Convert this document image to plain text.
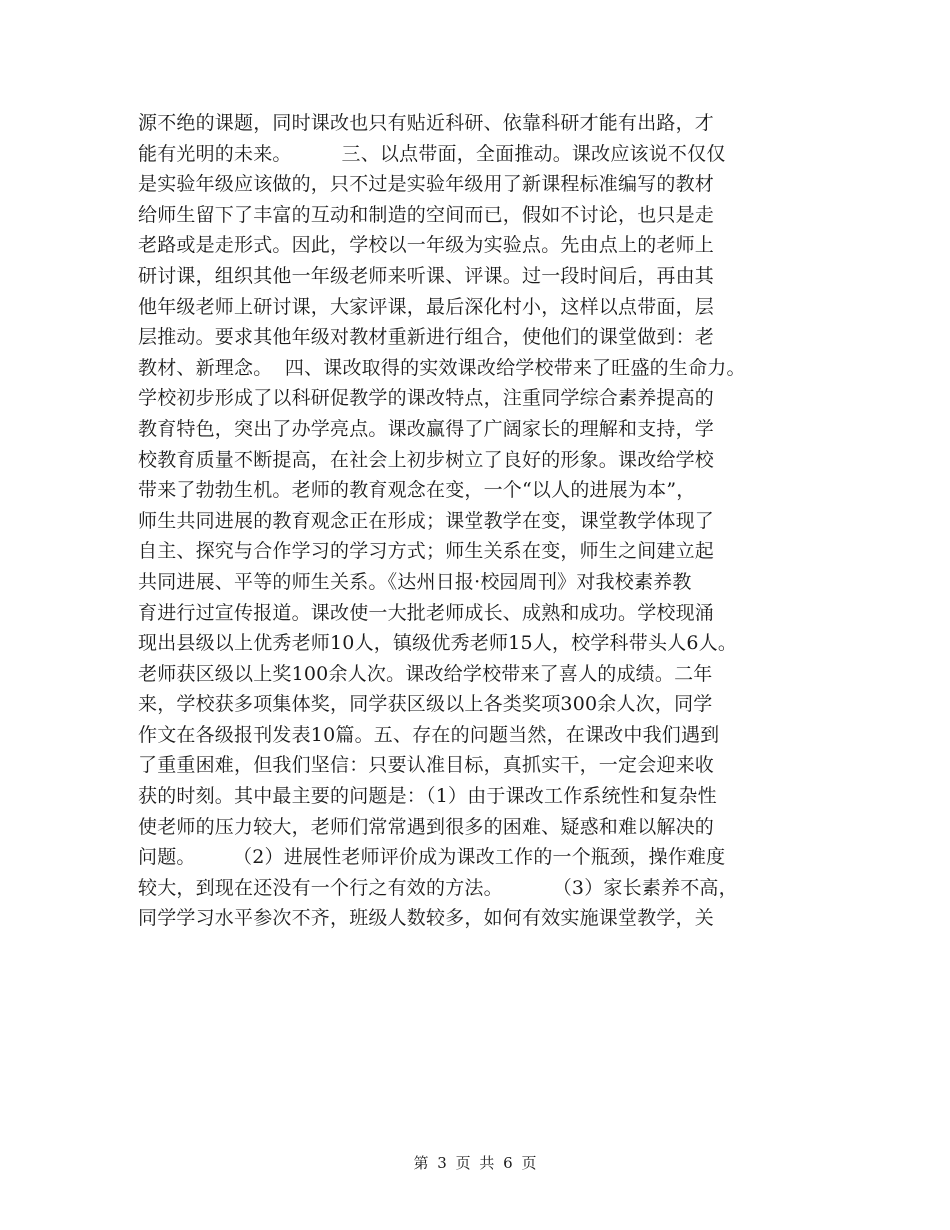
源不绝的课题，同时课改也只有贴近科研、依靠科研才能有出路，才
能有光明的未来。        三、以点带面，全面推动。课改应该说不仅仅
是实验年级应该做的，只不过是实验年级用了新课程标准编写的教材
给师生留下了丰富的互动和制造的空间而已，假如不讨论，也只是走
老路或是走形式。因此，学校以一年级为实验点。先由点上的老师上
研讨课，组织其他一年级老师来听课、评课。过一段时间后，再由其
他年级老师上研讨课，大家评课，最后深化村小，这样以点带面，层
层推动。要求其他年级对教材重新进行组合，使他们的课堂做到：老
教材、新理念。  四、课改取得的实效课改给学校带来了旺盛的生命力。
学校初步形成了以科研促教学的课改特点，注重同学综合素养提高的
教育特色，突出了办学亮点。课改赢得了广阔家长的理解和支持，学
校教育质量不断提高，在社会上初步树立了良好的形象。课改给学校
带来了勃勃生机。老师的教育观念在变，一个“以人的进展为本”，
师生共同进展的教育观念正在形成；课堂教学在变，课堂教学体现了
自主、探究与合作学习的学习方式；师生关系在变，师生之间建立起
共同进展、平等的师生关系。《达州日报·校园周刊》对我校素养教
育进行过宣传报道。课改使一大批老师成长、成熟和成功。学校现涌
现出县级以上优秀老师10人，镇级优秀老师15人，校学科带头人6人。
老师获区级以上奖100余人次。课改给学校带来了喜人的成绩。二年
来，学校获多项集体奖，同学获区级以上各类奖项300余人次，同学
作文在各级报刊发表10篇。五、存在的问题当然，在课改中我们遇到
了重重困难，但我们坚信：只要认准目标，真抓实干，一定会迎来收
获的时刻。其中最主要的问题是：（1）由于课改工作系统性和复杂性
使老师的压力较大，老师们常常遇到很多的困难、疑惑和难以解决的
问题。      （2）进展性老师评价成为课改工作的一个瓶颈，操作难度
较大，到现在还没有一个行之有效的方法。        （3）家长素养不高，
同学学习水平参次不齐，班级人数较多，如何有效实施课堂教学，关
第 3 页 共 6 页
